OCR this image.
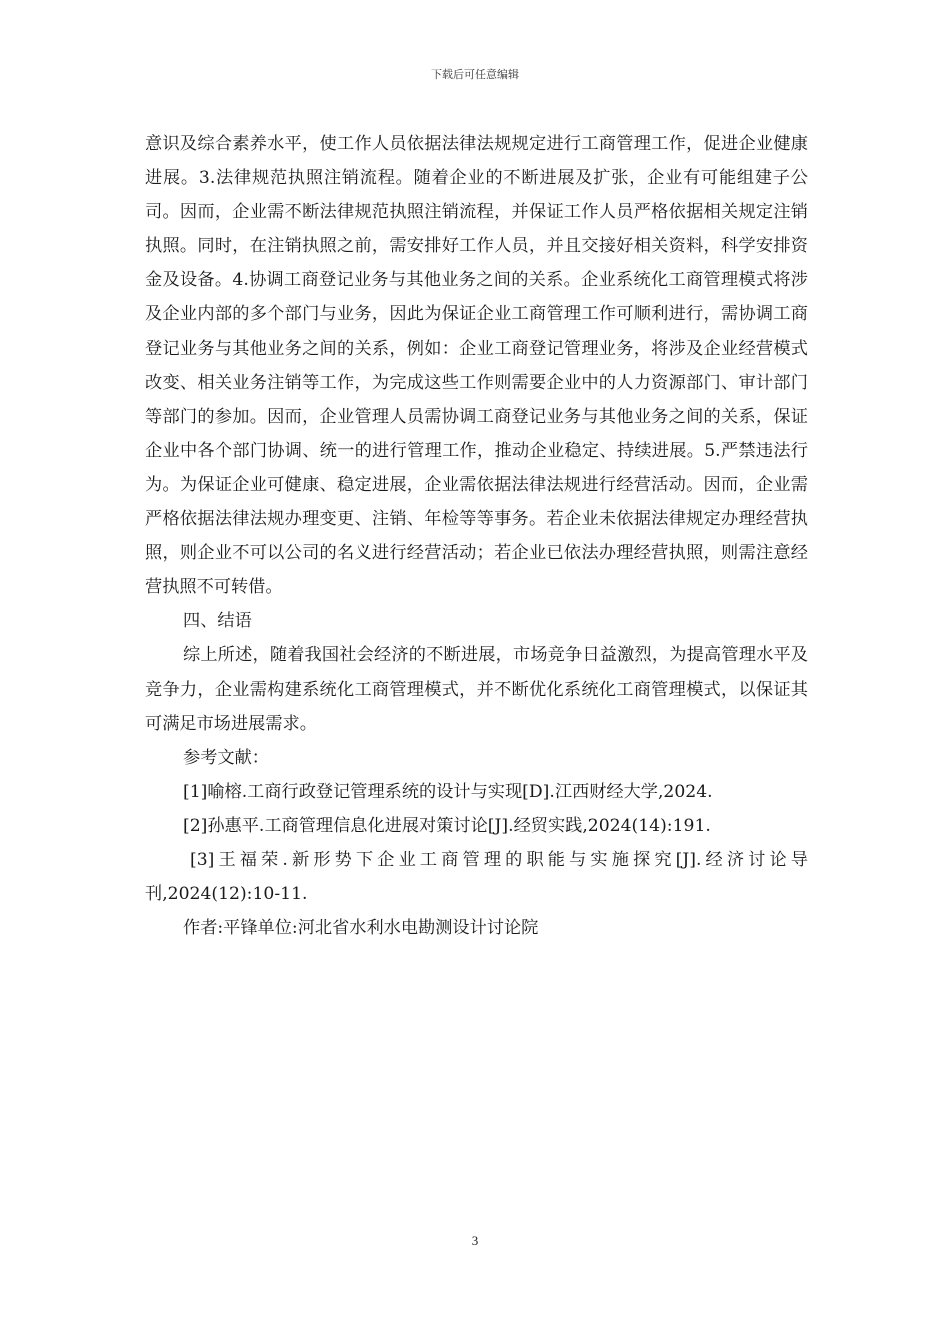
下载后可任意编辑

意识及综合素养水平，使工作人员依据法律法规规定进行工商管理工作，促进企业健康进展。3.法律规范执照注销流程。随着企业的不断进展及扩张，企业有可能组建子公司。因而，企业需不断法律规范执照注销流程，并保证工作人员严格依据相关规定注销执照。同时，在注销执照之前，需安排好工作人员，并且交接好相关资料，科学安排资金及设备。4.协调工商登记业务与其他业务之间的关系。企业系统化工商管理模式将涉及企业内部的多个部门与业务，因此为保证企业工商管理工作可顺利进行，需协调工商登记业务与其他业务之间的关系，例如：企业工商登记管理业务，将涉及企业经营模式改变、相关业务注销等工作，为完成这些工作则需要企业中的人力资源部门、审计部门等部门的参加。因而，企业管理人员需协调工商登记业务与其他业务之间的关系，保证企业中各个部门协调、统一的进行管理工作，推动企业稳定、持续进展。5.严禁违法行为。为保证企业可健康、稳定进展，企业需依据法律法规进行经营活动。因而，企业需严格依据法律法规办理变更、注销、年检等等事务。若企业未依据法律规定办理经营执照，则企业不可以公司的名义进行经营活动；若企业已依法办理经营执照，则需注意经营执照不可转借。

四、结语

综上所述，随着我国社会经济的不断进展，市场竞争日益激烈，为提高管理水平及竞争力，企业需构建系统化工商管理模式，并不断优化系统化工商管理模式，以保证其可满足市场进展需求。

参考文献：

[1]喻榕.工商行政登记管理系统的设计与实现[D].江西财经大学,2024.

[2]孙惠平.工商管理信息化进展对策讨论[J].经贸实践,2024(14):191.

[3]王福荣.新形势下企业工商管理的职能与实施探究[J].经济讨论导刊,2024(12):10-11.

作者:平锋单位:河北省水利水电勘测设计讨论院

3
